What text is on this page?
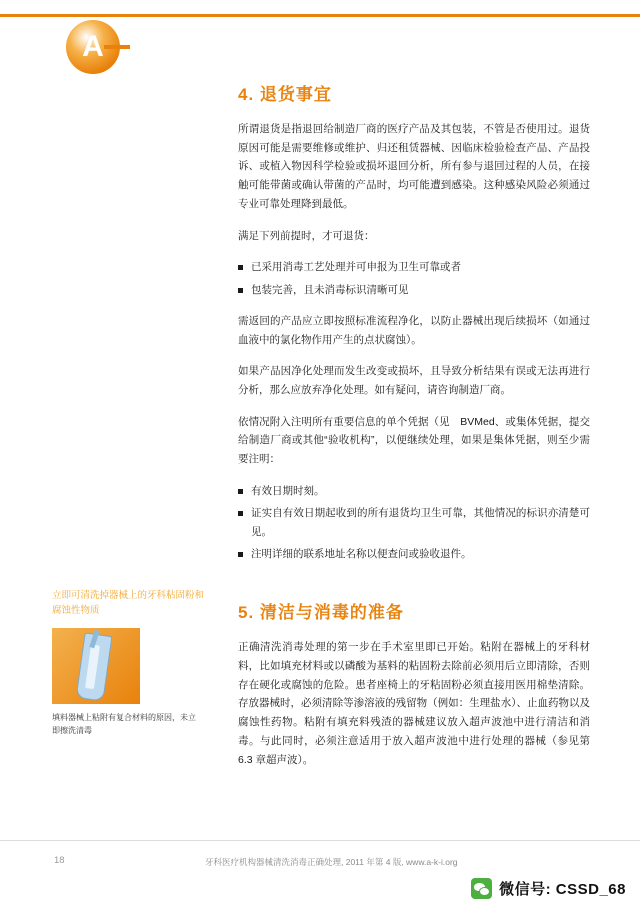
A
4. 退货事宜

所谓退货是指退回给制造厂商的医疗产品及其包装，不管是否使用过。退货原因可能是需要维修或维护、归还租赁器械、因临床检验检查产品、产品投诉、或植入物因科学检验或损坏退回分析，所有参与退回过程的人员，在接触可能带菌或确认带菌的产品时，均可能遭到感染。这种感染风险必须通过专业可靠处理降到最低。

满足下列前提时，才可退货：

已采用消毒工艺处理并可申报为卫生可靠或者
包装完善，且未消毒标识清晰可见

需返回的产品应立即按照标准流程净化，以防止器械出现后续损坏（如通过血液中的氯化物作用产生的点状腐蚀）。

如果产品因净化处理而发生改变或损坏，且导致分析结果有误或无法再进行分析，那么应放弃净化处理。如有疑问，请咨询制造厂商。

依情况附入注明所有重要信息的单个凭据（见　BVMed、或集体凭据，提交给制造厂商或其他“验收机构”，以便继续处理，如果是集体凭据，则至少需要注明：

有效日期时刻。
证实自有效日期起收到的所有退货均卫生可靠，其他情况的标识亦清楚可见。
注明详细的联系地址名称以便查问或验收退件。
5. 清洁与消毒的准备

正确清洗消毒处理的第一步在手术室里即已开始。粘附在器械上的牙科材料，比如填充材料或以磷酸为基料的粘固粉去除前必须用后立即清除，否则存在硬化或腐蚀的危险。患者座椅上的牙粘固粉必须直接用医用棉垫清除。存放器械时，必须清除等渗溶液的残留物（例如：生理盐水）、止血药物以及腐蚀性药物。粘附有填充料残渣的器械建议放入超声波池中进行清洁和消毒。与此同时，必须注意适用于放入超声波池中进行处理的器械（参见第 6.3 章超声波）。

立即可清洗掉器械上的牙科粘固粉和腐蚀性物质
填料器械上粘附有复合材料的原因，未立即擦洗清毒
18	牙科医疗机构器械清洗消毒正确处理, 2011 年第 4 版, www.a-k-i.org
微信号: CSSD_68
